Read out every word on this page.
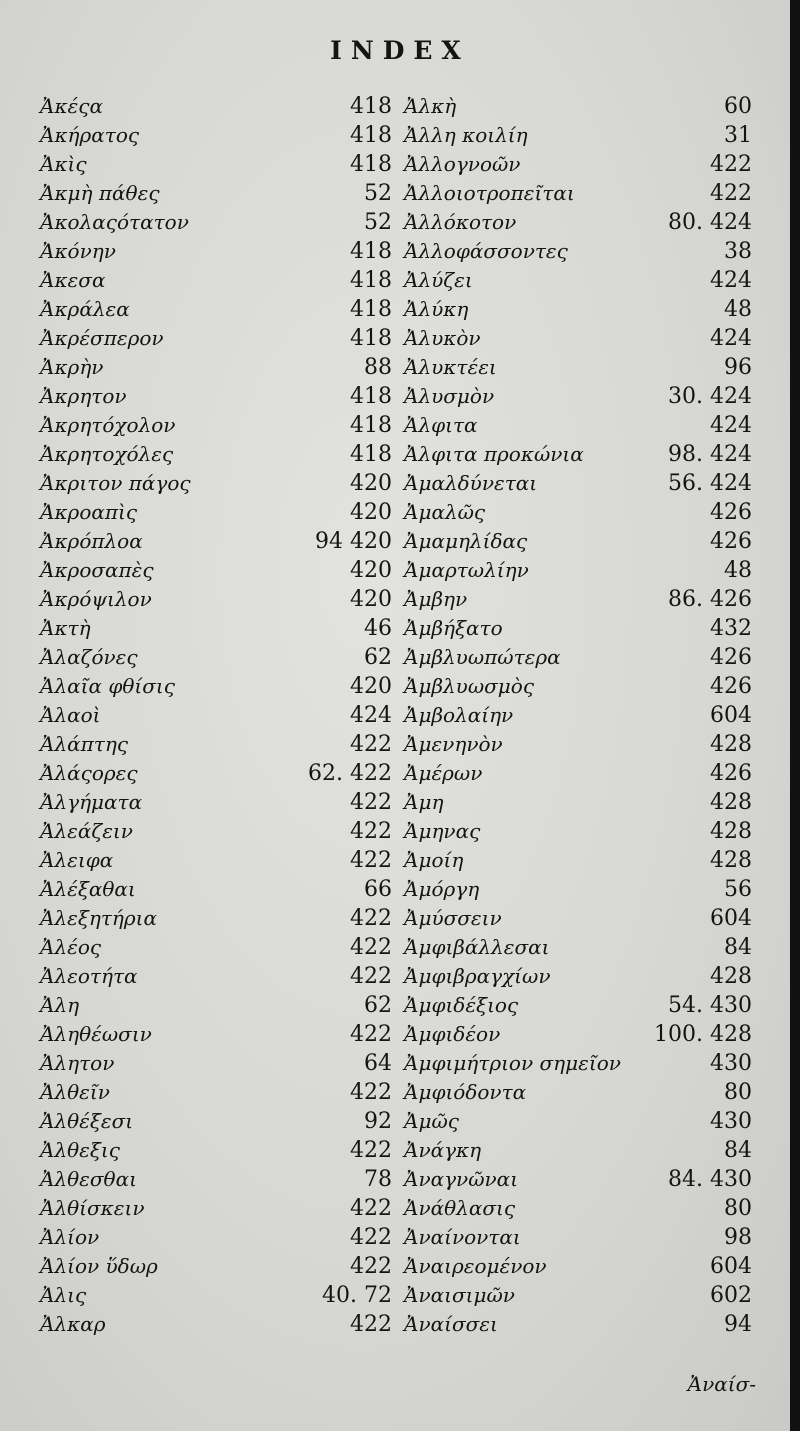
INDEX
Ἀκέςα	418
Ἀκήρατος	418
Ἀκὶς	418
Ἀκμὴ πάθες	52
Ἀκολαςότατον	52
Ἀκόνην	418
Ἀκεσα	418
Ἀκράλεα	418
Ἀκρέσπερον	418
Ἀκρὴν	88
Ἀκρητον	418
Ἀκρητόχολον	418
Ἀκρητοχόλες	418
Ἀκριτον πάγος	420
Ἀκροαπὶς	420
Ἀκρόπλοα	94 420
Ἀκροσαπὲς	420
Ἀκρόψιλον	420
Ἀκτὴ	46
Ἀλαζόνες	62
Ἀλαῖα φθίσις	420
Ἀλαοὶ	424
Ἀλάπτης	422
Ἀλάςορες	62. 422
Ἀλγήματα	422
Ἀλεάζειν	422
Ἀλειφα	422
Ἀλέξαθαι	66
Ἀλεξητήρια	422
Ἀλέος	422
Ἀλεοτήτα	422
Ἀλη	62
Ἀληθέωσιν	422
Ἀλητον	64
Ἀλθεῖν	422
Ἀλθέξεσι	92
Ἀλθεξις	422
Ἀλθεσθαι	78
Ἀλθίσκειν	422
Ἀλίον	422
Ἀλίον ὕδωρ	422
Ἀλις	40. 72
Ἀλκαρ	422
Ἀλκὴ	60
Ἀλλη κοιλίη	31
Ἀλλογνοῶν	422
Ἀλλοιοτροπεῖται	422
Ἀλλόκοτον	80. 424
Ἀλλοφάσσοντες	38
Ἀλύζει	424
Ἀλύκη	48
Ἀλυκὸν	424
Ἀλυκτέει	96
Ἀλυσμὸν	30. 424
Ἀλφιτα	424
Ἀλφιτα προκώνια	98. 424
Ἀμαλδύνεται	56. 424
Ἀμαλῶς	426
Ἀμαμηλίδας	426
Ἀμαρτωλίην	48
Ἀμβην	86. 426
Ἀμβήξατο	432
Ἀμβλυωπώτερα	426
Ἀμβλυωσμὸς	426
Ἀμβολαίην	604
Ἀμενηνὸν	428
Ἀμέρων	426
Ἀμη	428
Ἀμηνας	428
Ἀμοίη	428
Ἀμόργη	56
Ἀμύσσειν	604
Ἀμφιβάλλεσαι	84
Ἀμφιβραγχίων	428
Ἀμφιδέξιος	54. 430
Ἀμφιδέον	100. 428
Ἀμφιμήτριον σημεῖον	430
Ἀμφιόδοντα	80
Ἀμῶς	430
Ἀνάγκη	84
Ἀναγνῶναι	84. 430
Ἀνάθλασις	80
Ἀναίνονται	98
Ἀναιρεομένον	604
Ἀναισιμῶν	602
Ἀναίσσει	94
Ἀναίσ-
